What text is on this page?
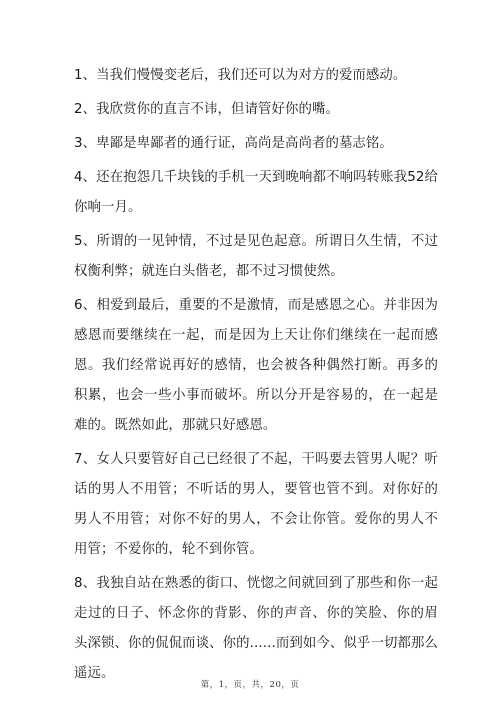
1、当我们慢慢变老后，我们还可以为对方的爱而感动。

2、我欣赏你的直言不讳，但请管好你的嘴。

3、卑鄙是卑鄙者的通行证，高尚是高尚者的墓志铭。

4、还在抱怨几千块钱的手机一天到晚响都不响吗转账我52给你响一月。

5、所谓的一见钟情，不过是见色起意。所谓日久生情，不过权衡利弊；就连白头偕老，都不过习惯使然。

6、相爱到最后，重要的不是激情，而是感恩之心。并非因为感恩而要继续在一起，而是因为上天让你们继续在一起而感恩。我们经常说再好的感情，也会被各种偶然打断。再多的积累，也会一些小事而破坏。所以分开是容易的，在一起是难的。既然如此，那就只好感恩。

7、女人只要管好自己已经很了不起，干吗要去管男人呢？听话的男人不用管；不听话的男人，要管也管不到。对你好的男人不用管；对你不好的男人，不会让你管。爱你的男人不用管；不爱你的，轮不到你管。

8、我独自站在熟悉的街口、恍惚之间就回到了那些和你一起走过的日子、怀念你的背影、你的声音、你的笑脸、你的眉头深锁、你的侃侃而谈、你的......而到如今、似乎一切都那么遥远。

第，1，页，共，20，页
